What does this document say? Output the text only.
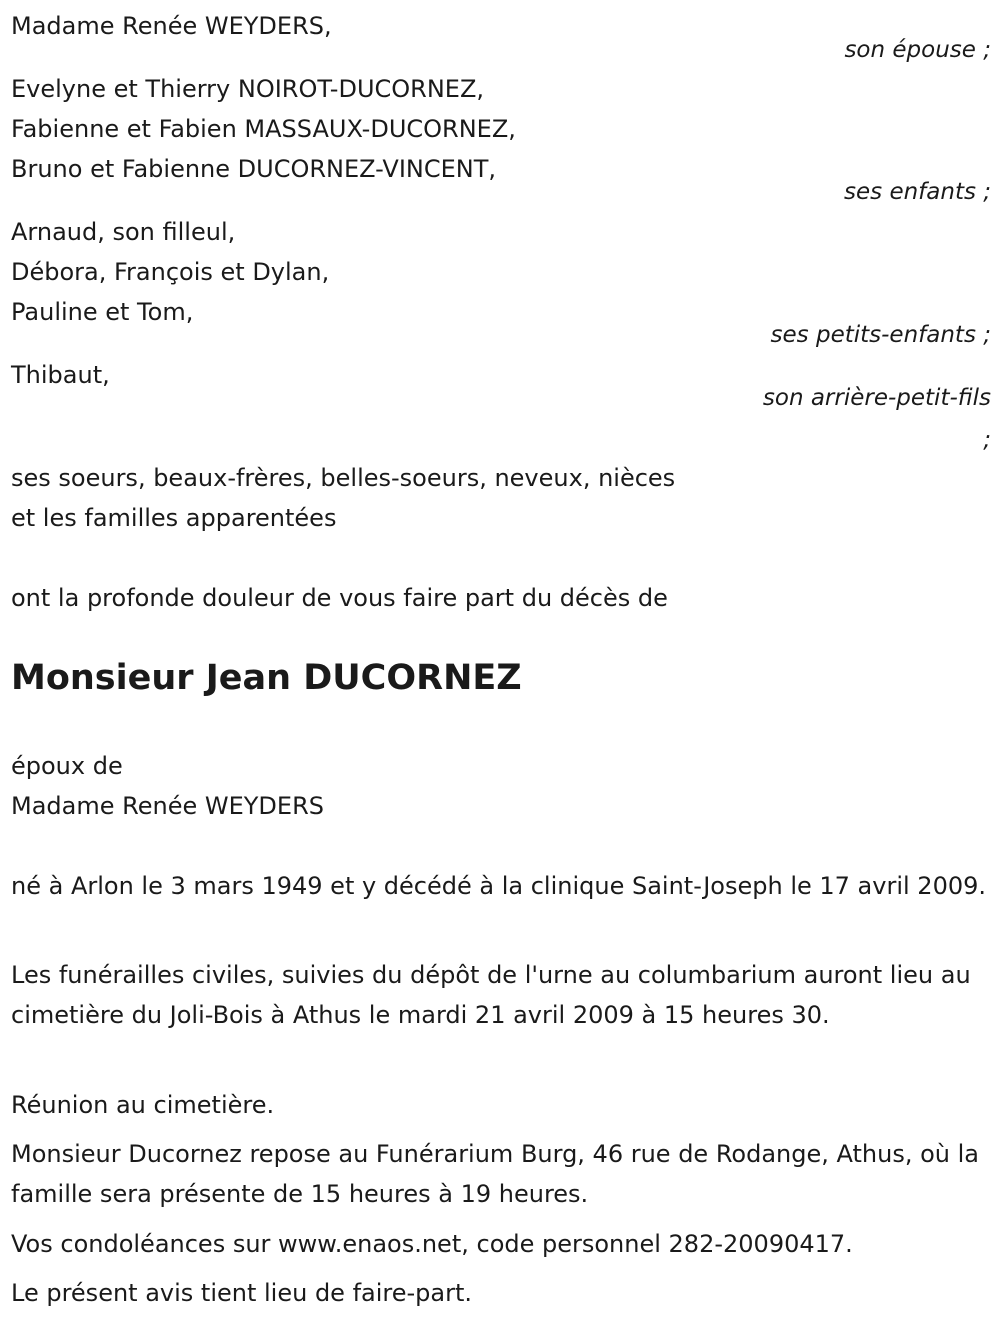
Madame Renée WEYDERS,

son épouse ;

Evelyne et Thierry NOIROT-DUCORNEZ,

Fabienne et Fabien MASSAUX-DUCORNEZ,

Bruno et Fabienne DUCORNEZ-VINCENT,

ses enfants ;

Arnaud, son filleul,

Débora, François et Dylan,

Pauline et Tom,

ses petits-enfants ;

Thibaut,

son arrière-petit-fils

;

ses soeurs, beaux-frères, belles-soeurs, neveux, nièces

et les familles apparentées

ont la profonde douleur de vous faire part du décès de

Monsieur Jean DUCORNEZ

époux de

Madame Renée WEYDERS

né à Arlon le 3 mars 1949 et y décédé à la clinique Saint-Joseph le 17 avril 2009.

Les funérailles civiles, suivies du dépôt de l'urne au columbarium auront lieu au cimetière du Joli-Bois à Athus le mardi 21 avril 2009 à 15 heures 30.

Réunion au cimetière.

Monsieur Ducornez repose au Funérarium Burg, 46 rue de Rodange, Athus, où la famille sera présente de 15 heures à 19 heures.

Vos condoléances sur www.enaos.net, code personnel 282-20090417.

Le présent avis tient lieu de faire-part.
